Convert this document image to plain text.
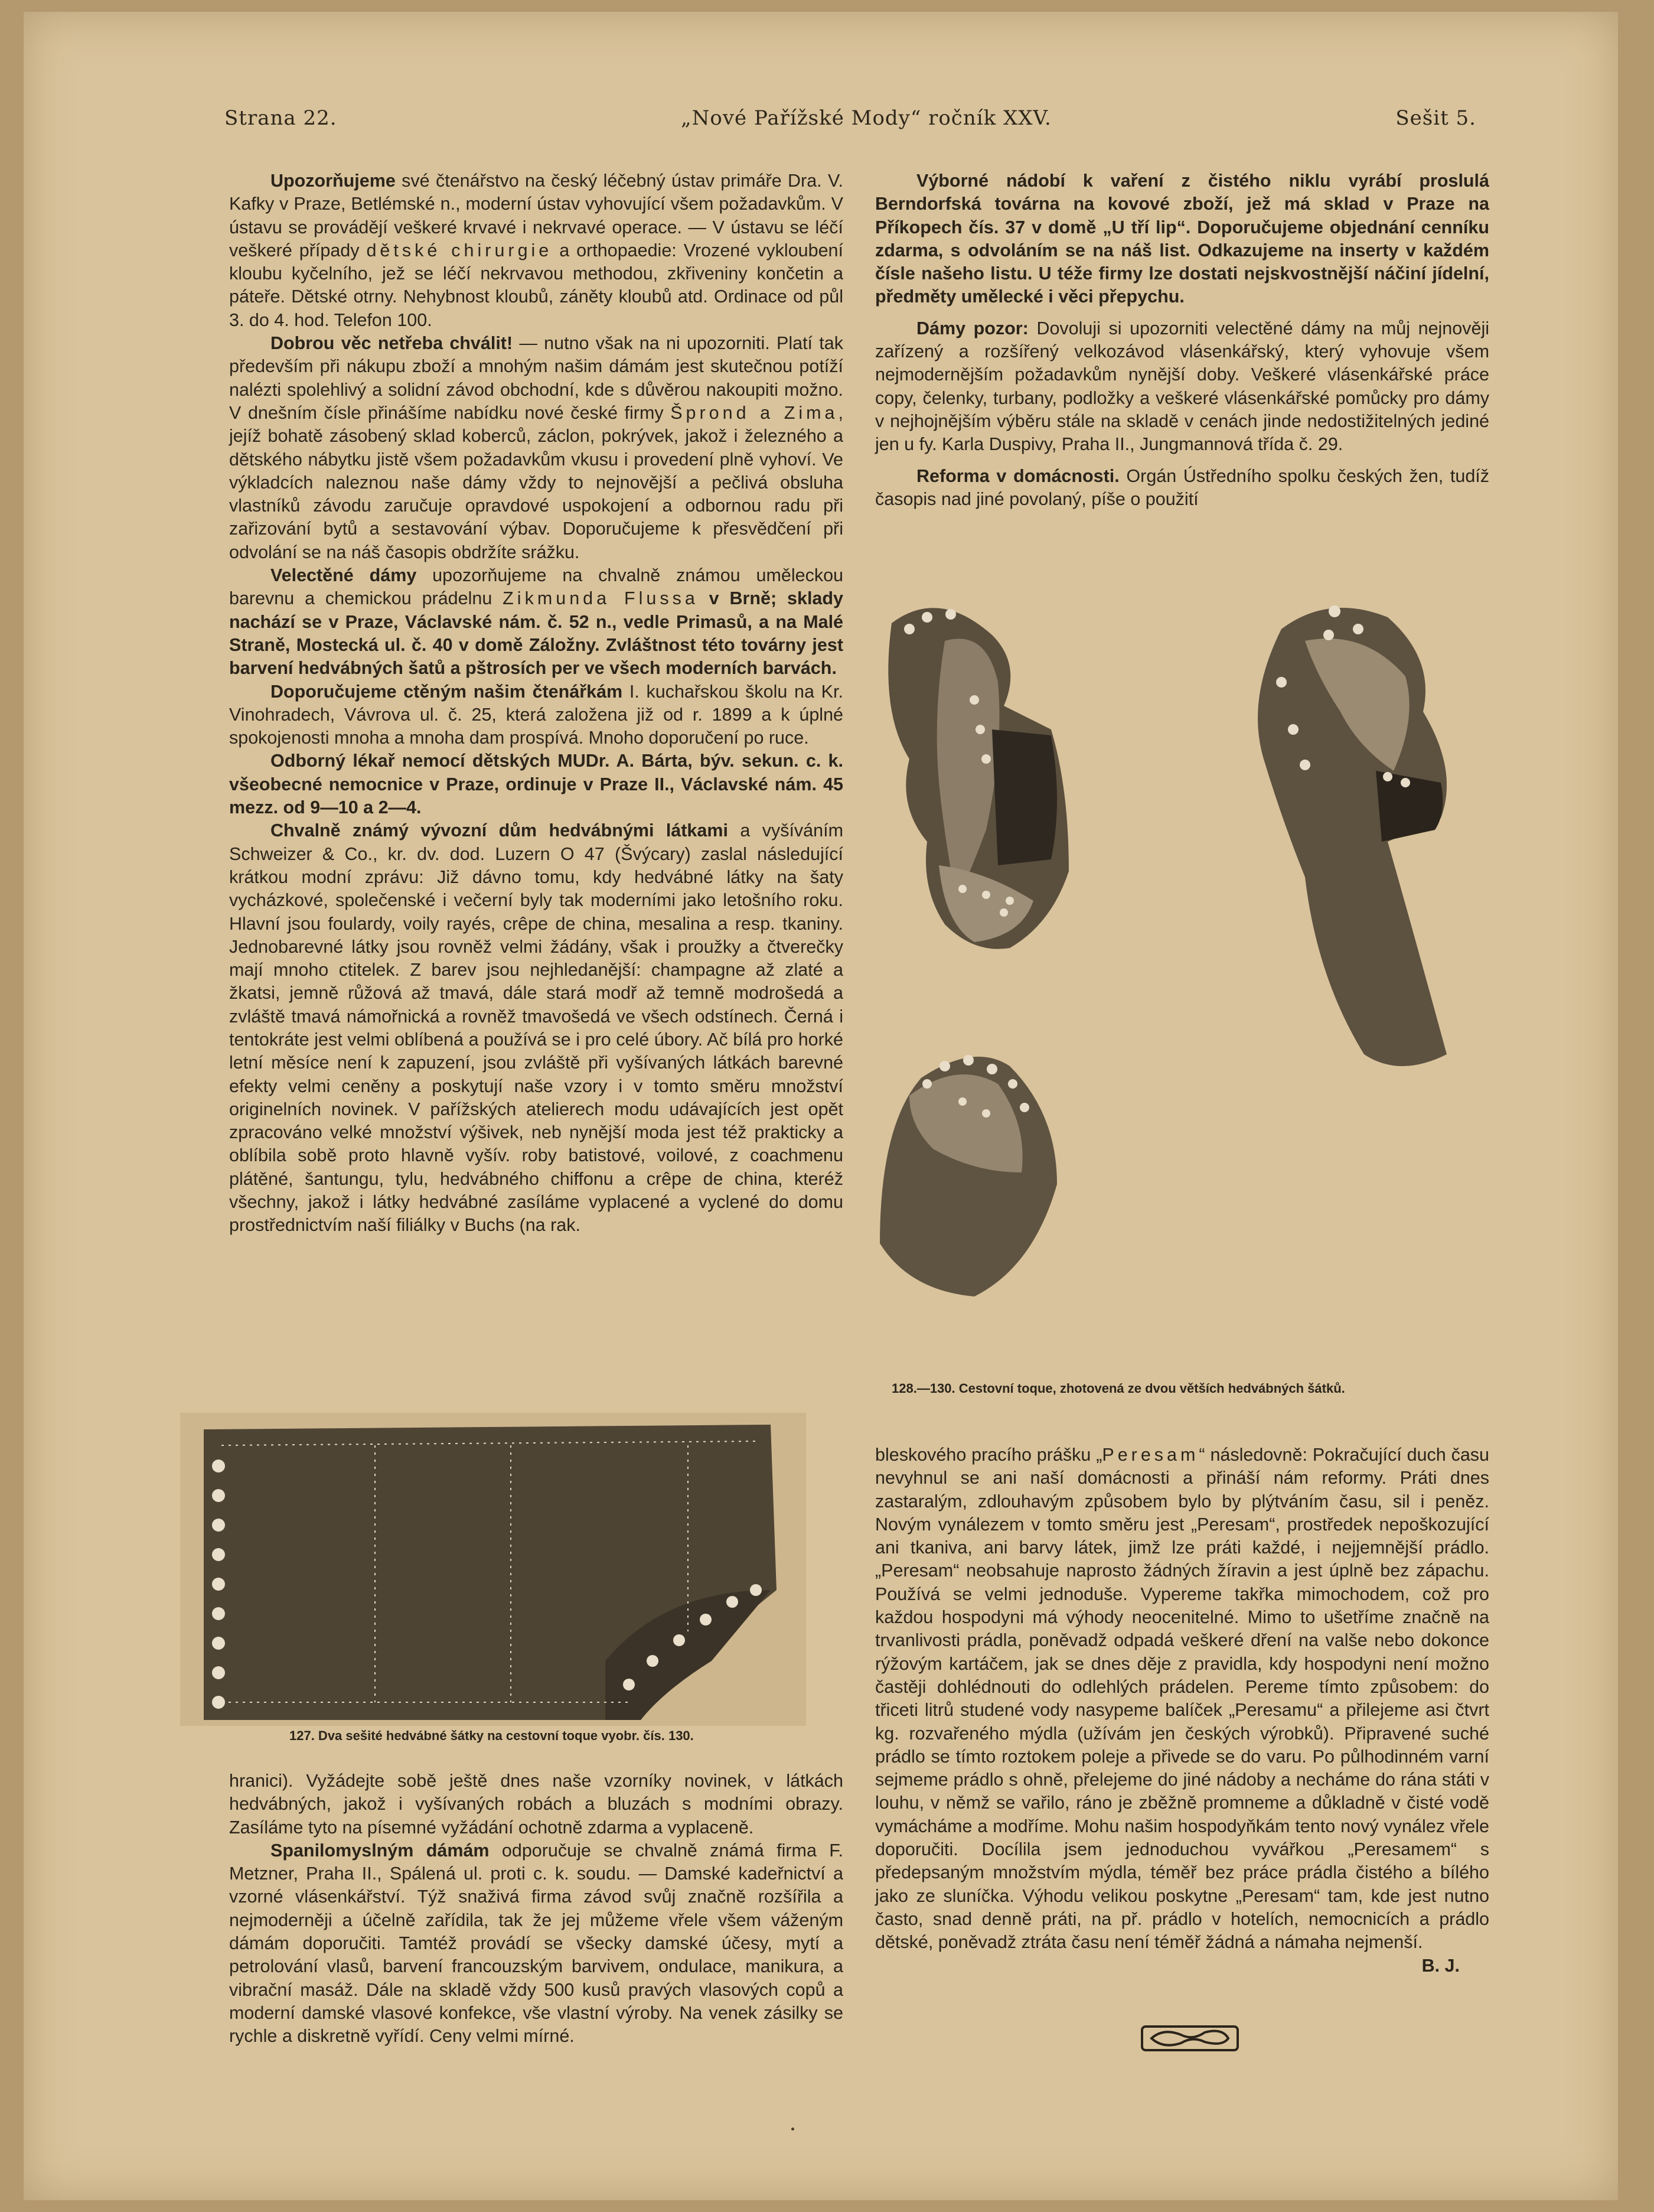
Strana 22.	„Nové Pařížské Mody“ ročník XXV.	Sešit 5.

Upozorňujeme své čtenářstvo na český léčebný ústav primáře Dra. V. Kafky v Praze, Betlémské n., moderní ústav vyhovující všem požadavkům. V ústavu se provádějí veškeré krvavé i nekrvavé operace. — V ústavu se léčí veškeré případy dětské chirurgie a orthopaedie: Vrozené vykloubení kloubu kyčelního, jež se léčí nekrvavou methodou, zkřiveniny končetin a páteře. Dětské otrny. Nehybnost kloubů, záněty kloubů atd. Ordinace od půl 3. do 4. hod. Telefon 100.

Dobrou věc netřeba chválit! — nutno však na ni upozorniti. Platí tak především při nákupu zboží a mnohým našim dámám jest skutečnou potíží nalézti spolehlivý a solidní závod obchodní, kde s důvěrou nakoupiti možno. V dnešním čísle přinášíme nabídku nové české firmy Šprond a Zima, jejíž bohatě zásobený sklad koberců, záclon, pokrývek, jakož i železného a dětského nábytku jistě všem požadavkům vkusu i provedení plně vyhoví. Ve výkladcích naleznou naše dámy vždy to nejnovější a pečlivá obsluha vlastníků závodu zaručuje opravdové uspokojení a odbornou radu při zařizování bytů a sestavování výbav. Doporučujeme k přesvědčení při odvolání se na náš časopis obdržíte srážku.

Velectěné dámy upozorňujeme na chvalně známou uměleckou barevnu a chemickou prádelnu Zikmunda Flussa v Brně; sklady nachází se v Praze, Václavské nám. č. 52 n., vedle Primasů, a na Malé Straně, Mostecká ul. č. 40 v domě Záložny. Zvláštnost této továrny jest barvení hedvábných šatů a pštrosích per ve všech moderních barvách.

Doporučujeme ctěným našim čtenářkám I. kuchařskou školu na Kr. Vinohradech, Vávrova ul. č. 25, která založena již od r. 1899 a k úplné spokojenosti mnoha a mnoha dam prospívá. Mnoho doporučení po ruce.

Odborný lékař nemocí dětských MUDr. A. Bárta, býv. sekun. c. k. všeobecné nemocnice v Praze, ordinuje v Praze II., Václavské nám. 45 mezz. od 9—10 a 2—4.

Chvalně známý vývozní dům hedvábnými látkami a vyšíváním Schweizer & Co., kr. dv. dod. Luzern O 47 (Švýcary) zaslal následující krátkou modní zprávu: Již dávno tomu, kdy hedvábné látky na šaty vycházkové, společenské i večerní byly tak moderními jako letošního roku. Hlavní jsou foulardy, voily rayés, crêpe de china, mesalina a resp. tkaniny. Jednobarevné látky jsou rovněž velmi žádány, však i proužky a čtverečky mají mnoho ctitelek. Z barev jsou nejhledanější: champagne až zlaté a žkatsi, jemně růžová až tmavá, dále stará modř až temně modrošedá a zvláště tmavá námořnická a rovněž tmavošedá ve všech odstínech. Černá i tentokráte jest velmi oblíbená a používá se i pro celé úbory. Ač bílá pro horké letní měsíce není k zapuzení, jsou zvláště při vyšívaných látkách barevné efekty velmi ceněny a poskytují naše vzory i v tomto směru množství originelních novinek. V pařížských atelierech modu udávajících jest opět zpracováno velké množství výšivek, neb nynější moda jest též prakticky a oblíbila sobě proto hlavně vyšív. roby batistové, voilové, z coachmenu plátěné, šantungu, tylu, hedvábného chiffonu a crêpe de china, kteréž všechny, jakož i látky hedvábné zasíláme vyplacené a vyclené do domu prostřednictvím naší filiálky v Buchs (na rak.

Výborné nádobí k vaření z čistého niklu vyrábí proslulá Berndorfská továrna na kovové zboží, jež má sklad v Praze na Příkopech čís. 37 v domě „U tří lip“. Doporučujeme objednání cenníku zdarma, s odvoláním se na náš list. Odkazujeme na inserty v každém čísle našeho listu. U téže firmy lze dostati nejskvostnější náčiní jídelní, předměty umělecké i věci přepychu.

Dámy pozor: Dovoluji si upozorniti velectěné dámy na můj nejnověji zařízený a rozšířený velkozávod vlásenkářský, který vyhovuje všem nejmodernějším požadavkům nynější doby. Veškeré vlásenkářské práce copy, čelenky, turbany, podložky a veškeré vlásenkářské pomůcky pro dámy v nejhojnějším výběru stále na skladě v cenách jinde nedostižitelných jediné jen u fy. Karla Duspivy, Praha II., Jungmannová třída č. 29.

Reforma v domácnosti. Orgán Ústředního spolku českých žen, tudíž časopis nad jiné povolaný, píše o použití

128.—130. Cestovní toque, zhotovená ze dvou větších hedvábných šátků.

bleskového pracího prášku „Peresam“ následovně: Pokračující duch času nevyhnul se ani naší domácnosti a přináší nám reformy. Práti dnes zastaralým, zdlouhavým způsobem bylo by plýtváním času, sil i peněz. Novým vynálezem v tomto směru jest „Peresam“, prostředek nepoškozující ani tkaniva, ani barvy látek, jimž lze práti každé, i nejjemnější prádlo. „Peresam“ neobsahuje naprosto žádných žíravin a jest úplně bez zápachu. Používá se velmi jednoduše. Vypereme takřka mimochodem, což pro každou hospodyni má výhody neocenitelné. Mimo to ušetříme značně na trvanlivosti prádla, poněvadž odpadá veškeré dření na valše nebo dokonce rýžovým kartáčem, jak se dnes děje z pravidla, kdy hospodyni není možno častěji dohlédnouti do odlehlých prádelen. Pereme tímto způsobem: do třiceti litrů studené vody nasypeme balíček „Peresamu“ a přilejeme asi čtvrt kg. rozvařeného mýdla (užívám jen českých výrobků). Připravené suché prádlo se tímto roztokem poleje a přivede se do varu. Po půlhodinném varní sejmeme prádlo s ohně, přelejeme do jiné nádoby a necháme do rána státi v louhu, v němž se vařilo, ráno je zběžně promneme a důkladně v čisté vodě vymácháme a modříme. Mohu našim hospodyňkám tento nový vynález vřele doporučiti. Docílila jsem jednoduchou vyvářkou „Peresamem“ s předepsaným množstvím mýdla, téměř bez práce prádla čistého a bílého jako ze sluníčka. Výhodu velikou poskytne „Peresam“ tam, kde jest nutno často, snad denně práti, na př. prádlo v hotelích, nemocnicích a prádlo dětské, poněvadž ztráta času není téměř žádná a námaha nejmenší.

B. J.

127. Dva sešité hedvábné šátky na cestovní toque vyobr. čís. 130.

hranici). Vyžádejte sobě ještě dnes naše vzorníky novinek, v látkách hedvábných, jakož i vyšívaných robách a bluzách s modními obrazy. Zasíláme tyto na písemné vyžádání ochotně zdarma a vyplaceně.

Spanilomyslným dámám odporučuje se chvalně známá firma F. Metzner, Praha II., Spálená ul. proti c. k. soudu. — Damské kadeřnictví a vzorné vlásenkářství. Týž snaživá firma závod svůj značně rozšířila a nejmoderněji a účelně zařídila, tak že jej můžeme vřele všem váženým dámám doporučiti. Tamtéž provádí se všecky damské účesy, mytí a petrolování vlasů, barvení francouzským barvivem, ondulace, manikura, a vibrační masáž. Dále na skladě vždy 500 kusů pravých vlasových copů a moderní damské vlasové konfekce, vše vlastní výroby. Na venek zásilky se rychle a diskretně vyřídí. Ceny velmi mírné.
